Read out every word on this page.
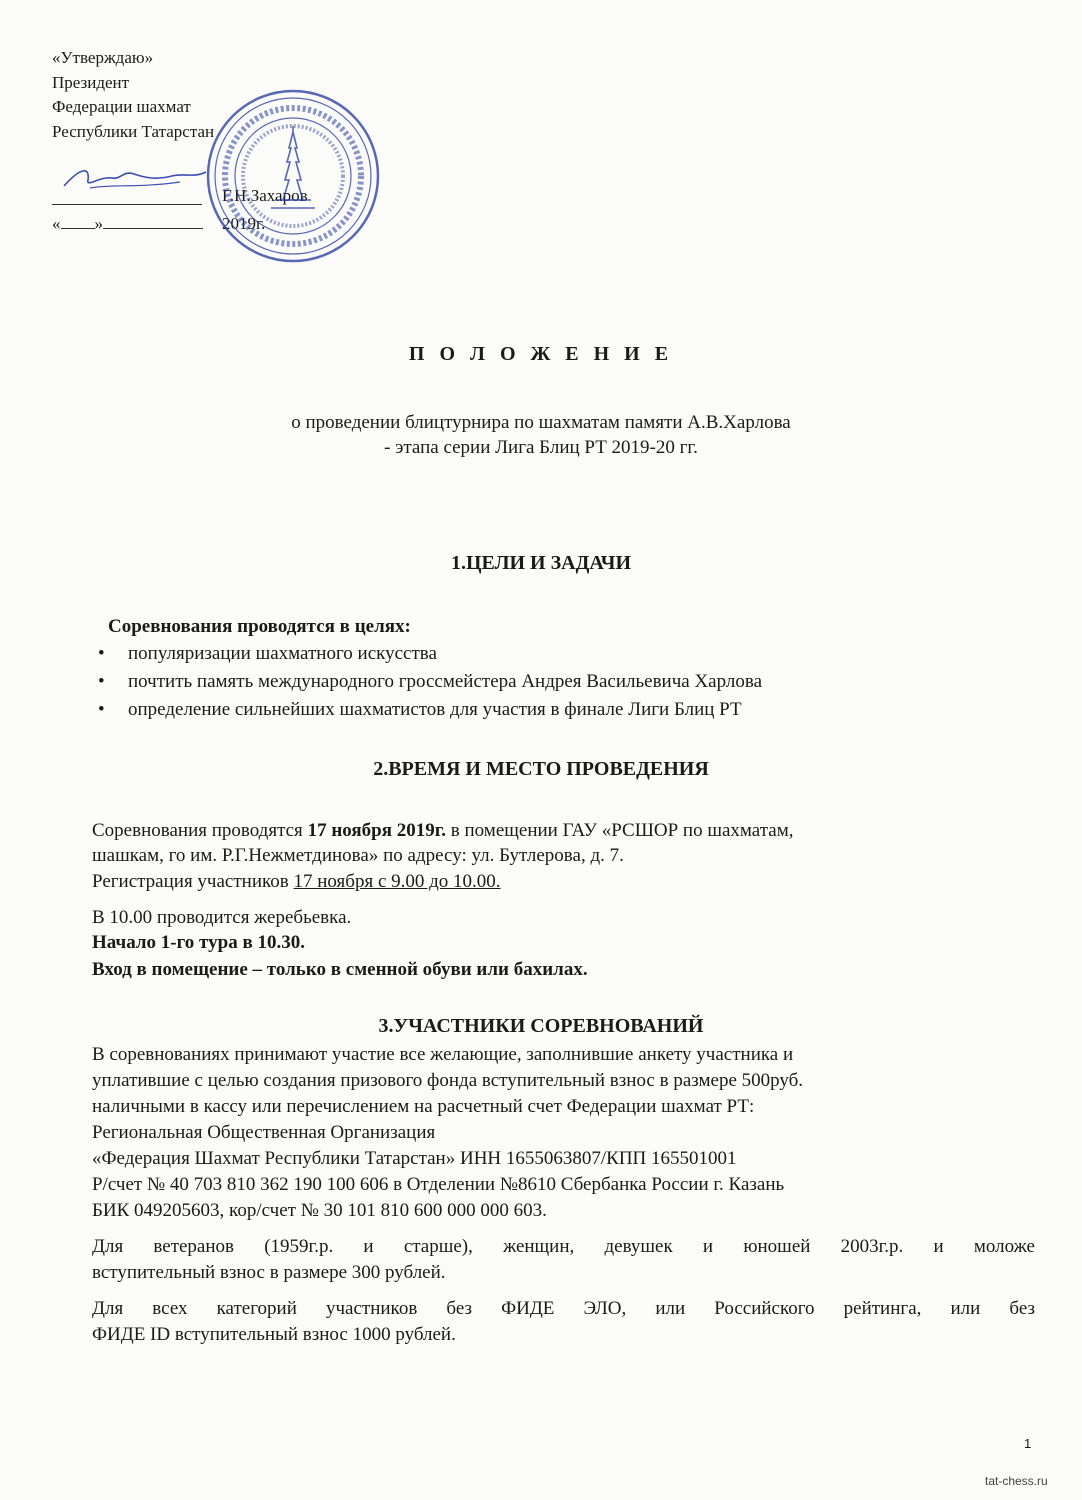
«Утверждаю»
Президент
Федерации шахмат
Республики Татарстан
Г.Н.Захаров
« »	2019г.
П О Л О Ж Е Н И Е
о проведении блицтурнира по шахматам памяти А.В.Харлова
- этапа серии Лига Блиц РТ 2019-20 гг.
1.ЦЕЛИ И ЗАДАЧИ
Соревнования проводятся в целях:
• популяризации шахматного искусства
• почтить память международного гроссмейстера Андрея Васильевича Харлова
• определение сильнейших шахматистов для участия в финале Лиги Блиц РТ
2.ВРЕМЯ И МЕСТО ПРОВЕДЕНИЯ
Соревнования проводятся 17 ноября 2019г. в помещении ГАУ «РСШОР по шахматам,
шашкам, го им. Р.Г.Нежметдинова» по адресу: ул. Бутлерова, д. 7.
Регистрация участников 17 ноября с 9.00 до 10.00.
В 10.00 проводится жеребьевка.
Начало 1-го тура в 10.30.
Вход в помещение – только в сменной обуви или бахилах.
3.УЧАСТНИКИ СОРЕВНОВАНИЙ
В соревнованиях принимают участие все желающие, заполнившие анкету участника и
уплатившие с целью создания призового фонда вступительный взнос в размере 500руб.
наличными в кассу или перечислением на расчетный счет Федерации шахмат РТ:
Региональная Общественная Организация
«Федерация Шахмат Республики Татарстан» ИНН 1655063807/КПП 165501001
Р/счет № 40 703 810 362 190 100 606 в Отделении №8610 Сбербанка России г. Казань
БИК 049205603, кор/счет № 30 101 810 600 000 000 603.
Для ветеранов (1959г.р. и старше), женщин, девушек и юношей 2003г.р. и моложе
вступительный взнос в размере 300 рублей.
Для всех категорий участников без ФИДЕ ЭЛО, или Российского рейтинга, или без
ФИДЕ ID вступительный взнос 1000 рублей.
1
tat-chess.ru
